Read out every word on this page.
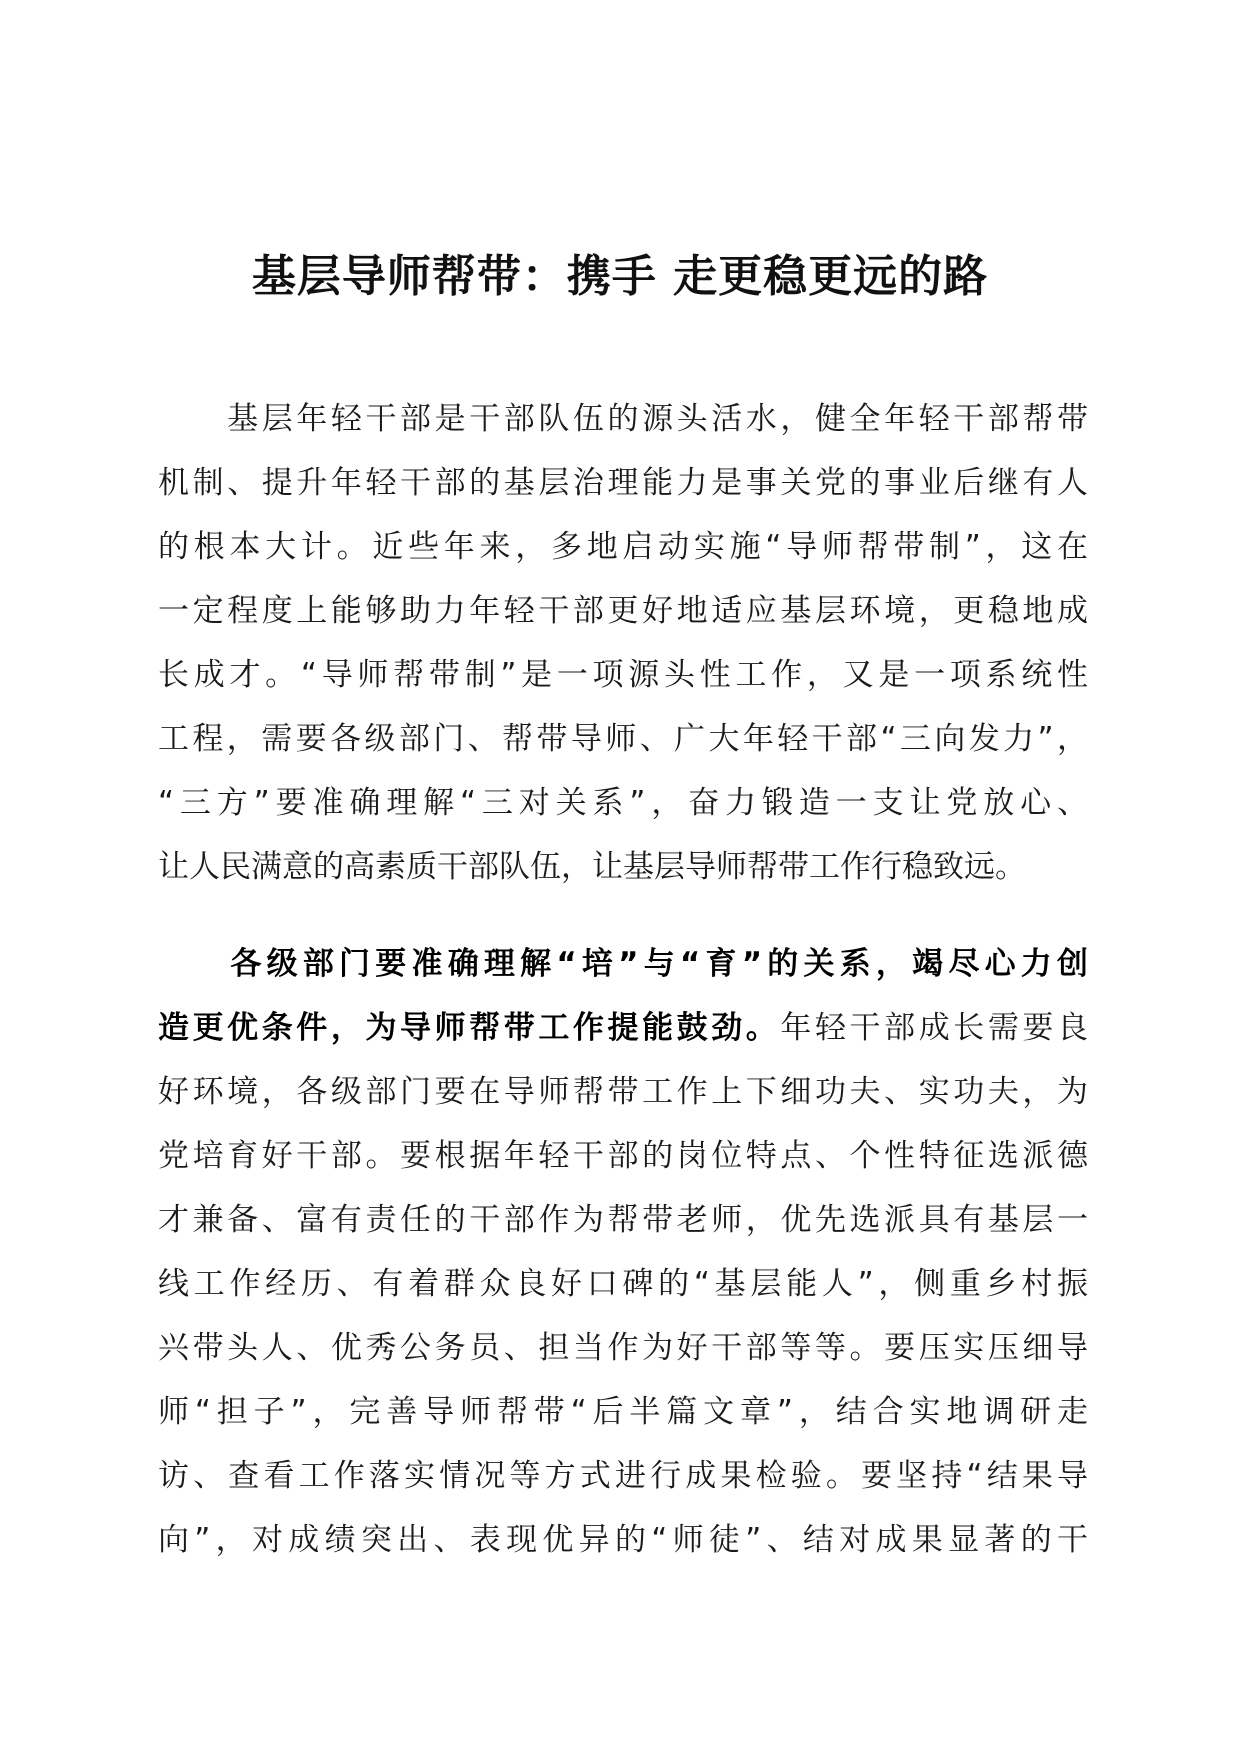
基层导师帮带：携手 走更稳更远的路
　　基层年轻干部是干部队伍的源头活水，健全年轻干部帮带
机制、提升年轻干部的基层治理能力是事关党的事业后继有人
的根本大计。近些年来，多地启动实施“导师帮带制”，这在
一定程度上能够助力年轻干部更好地适应基层环境，更稳地成
长成才。“导师帮带制”是一项源头性工作，又是一项系统性
工程，需要各级部门、帮带导师、广大年轻干部“三向发力”，
“三方”要准确理解“三对关系”，奋力锻造一支让党放心、
让人民满意的高素质干部队伍，让基层导师帮带工作行稳致远。
　　各级部门要准确理解“培”与“育”的关系，竭尽心力创
造更优条件，为导师帮带工作提能鼓劲。年轻干部成长需要良
好环境，各级部门要在导师帮带工作上下细功夫、实功夫，为
党培育好干部。要根据年轻干部的岗位特点、个性特征选派德
才兼备、富有责任的干部作为帮带老师，优先选派具有基层一
线工作经历、有着群众良好口碑的“基层能人”，侧重乡村振
兴带头人、优秀公务员、担当作为好干部等等。要压实压细导
师“担子”，完善导师帮带“后半篇文章”，结合实地调研走
访、查看工作落实情况等方式进行成果检验。要坚持“结果导
向”，对成绩突出、表现优异的“师徒”、结对成果显著的干
